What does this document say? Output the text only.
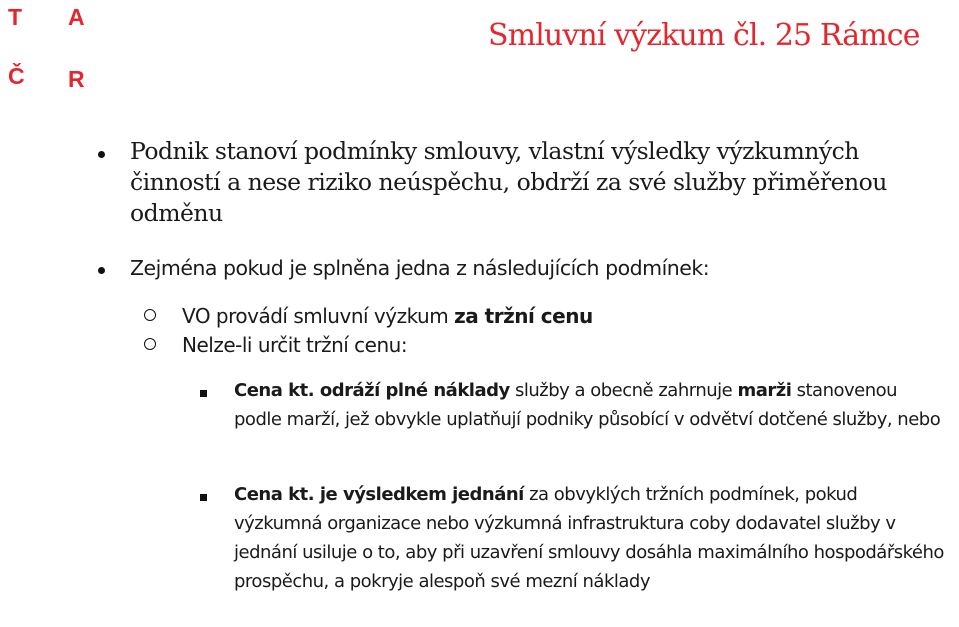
T A
Č R
Smluvní výzkum čl. 25 Rámce

Podnik stanoví podmínky smlouvy, vlastní výsledky výzkumných činností a nese riziko neúspěchu, obdrží za své služby přiměřenou odměnu

Zejména pokud je splněna jedna z následujících podmínek:

VO provádí smluvní výzkum za tržní cenu

Nelze-li určit tržní cenu:

Cena kt. odráží plné náklady služby a obecně zahrnuje marži stanovenou podle marží, jež obvykle uplatňují podniky působící v odvětví dotčené služby, nebo

Cena kt. je výsledkem jednání za obvyklých tržních podmínek, pokud výzkumná organizace nebo výzkumná infrastruktura coby dodavatel služby v jednání usiluje o to, aby při uzavření smlouvy dosáhla maximálního hospodářského prospěchu, a pokryje alespoň své mezní náklady
